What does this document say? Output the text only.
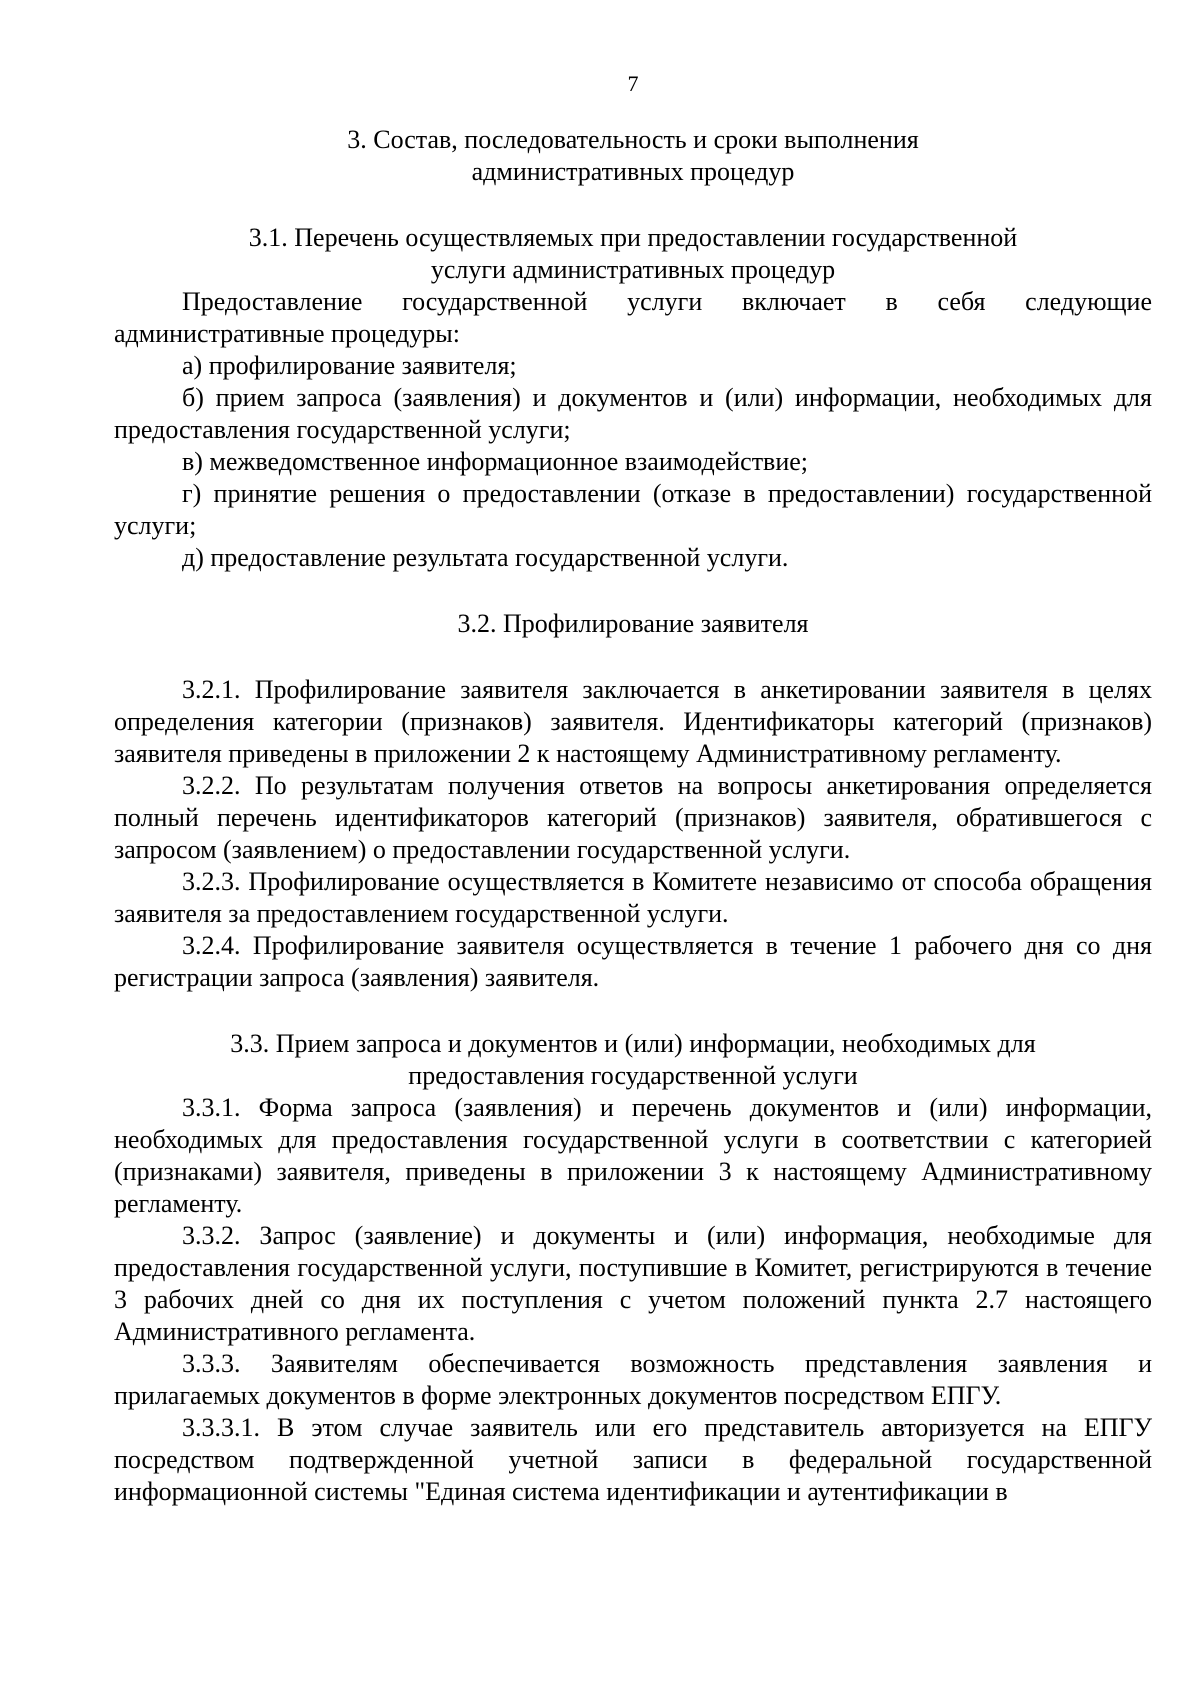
7
3. Состав, последовательность и сроки выполнения
административных процедур
3.1. Перечень осуществляемых при предоставлении государственной
услуги административных процедур

Предоставление государственной услуги включает в себя следующие административные процедуры:

а) профилирование заявителя;

б) прием запроса (заявления) и документов и (или) информации, необходимых для предоставления государственной услуги;

в) межведомственное информационное взаимодействие;

г) принятие решения о предоставлении (отказе в предоставлении) государственной услуги;

д) предоставление результата государственной услуги.

3.2. Профилирование заявителя

3.2.1. Профилирование заявителя заключается в анкетировании заявителя в целях определения категории (признаков) заявителя. Идентификаторы категорий (признаков) заявителя приведены в приложении 2 к настоящему Административному регламенту.

3.2.2. По результатам получения ответов на вопросы анкетирования определяется полный перечень идентификаторов категорий (признаков) заявителя, обратившегося с запросом (заявлением) о предоставлении государственной услуги.

3.2.3. Профилирование осуществляется в Комитете независимо от способа обращения заявителя за предоставлением государственной услуги.

3.2.4. Профилирование заявителя осуществляется в течение 1 рабочего дня со дня регистрации запроса (заявления) заявителя.

3.3. Прием запроса и документов и (или) информации, необходимых для
предоставления государственной услуги

3.3.1. Форма запроса (заявления) и перечень документов и (или) информации, необходимых для предоставления государственной услуги в соответствии с категорией (признаками) заявителя, приведены в приложении 3 к настоящему Административному регламенту.

3.3.2. Запрос (заявление) и документы и (или) информация, необходимые для предоставления государственной услуги, поступившие в Комитет, регистрируются в течение 3 рабочих дней со дня их поступления с учетом положений пункта 2.7 настоящего Административного регламента.

3.3.3. Заявителям обеспечивается возможность представления заявления и прилагаемых документов в форме электронных документов посредством ЕПГУ.

3.3.3.1. В этом случае заявитель или его представитель авторизуется на ЕПГУ посредством подтвержденной учетной записи в федеральной государственной информационной системы "Единая система идентификации и аутентификации в
